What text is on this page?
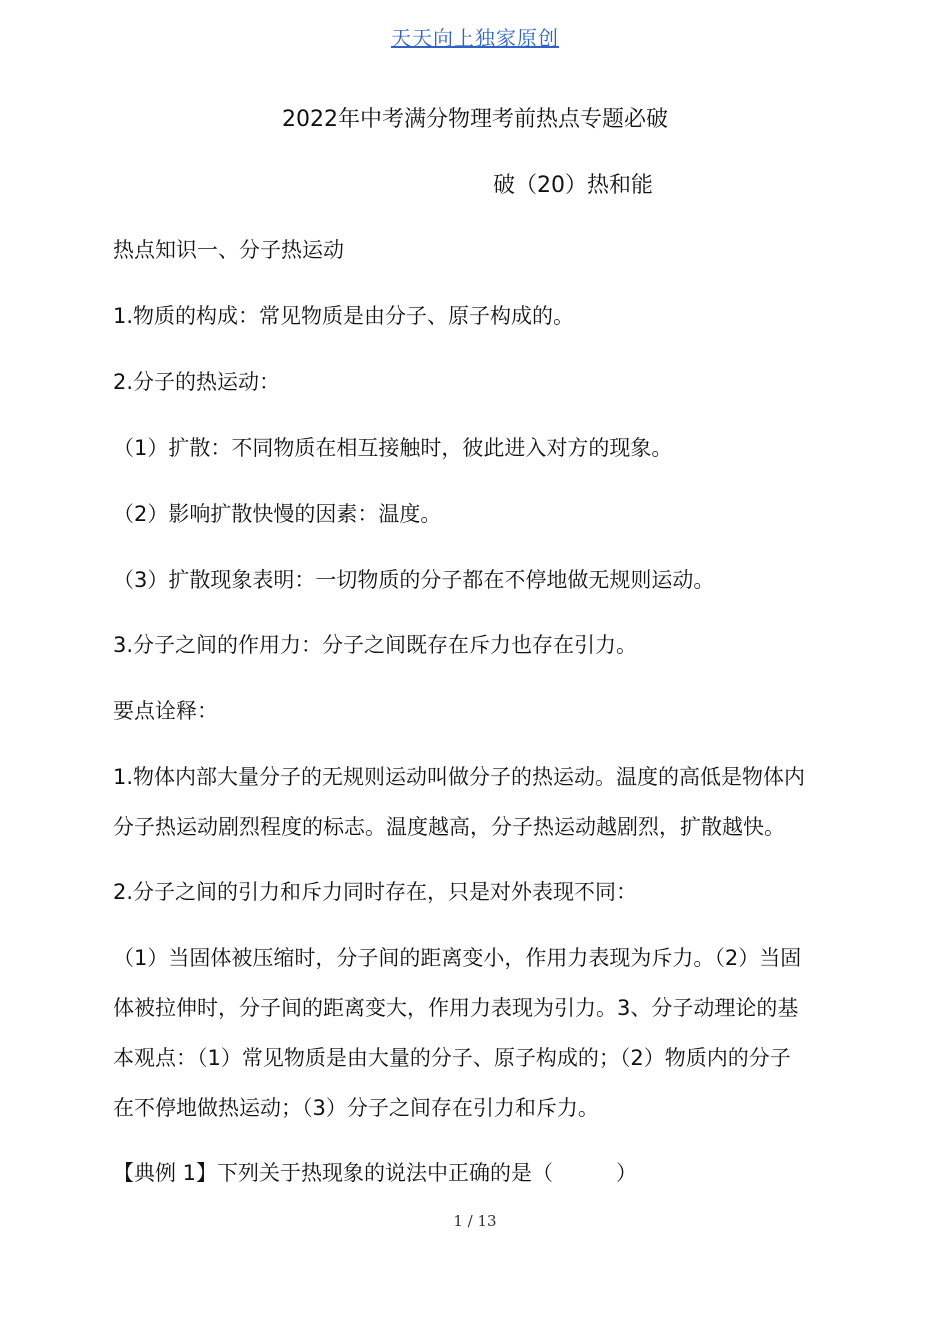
天天向上独家原创
2022年中考满分物理考前热点专题必破
破（20）热和能
热点知识一、分子热运动
1.物质的构成：常见物质是由分子、原子构成的。
2.分子的热运动：
（1）扩散：不同物质在相互接触时，彼此进入对方的现象。
（2）影响扩散快慢的因素：温度。
（3）扩散现象表明：一切物质的分子都在不停地做无规则运动。
3.分子之间的作用力：分子之间既存在斥力也存在引力。
要点诠释：
1.物体内部大量分子的无规则运动叫做分子的热运动。温度的高低是物体内
分子热运动剧烈程度的标志。温度越高，分子热运动越剧烈，扩散越快。
2.分子之间的引力和斥力同时存在，只是对外表现不同：
（1）当固体被压缩时，分子间的距离变小，作用力表现为斥力。（2）当固
体被拉伸时，分子间的距离变大，作用力表现为引力。3、分子动理论的基
本观点：（1）常见物质是由大量的分子、原子构成的；（2）物质内的分子
在不停地做热运动；（3）分子之间存在引力和斥力。
【典例 1】下列关于热现象的说法中正确的是（　　　）
1 / 13
